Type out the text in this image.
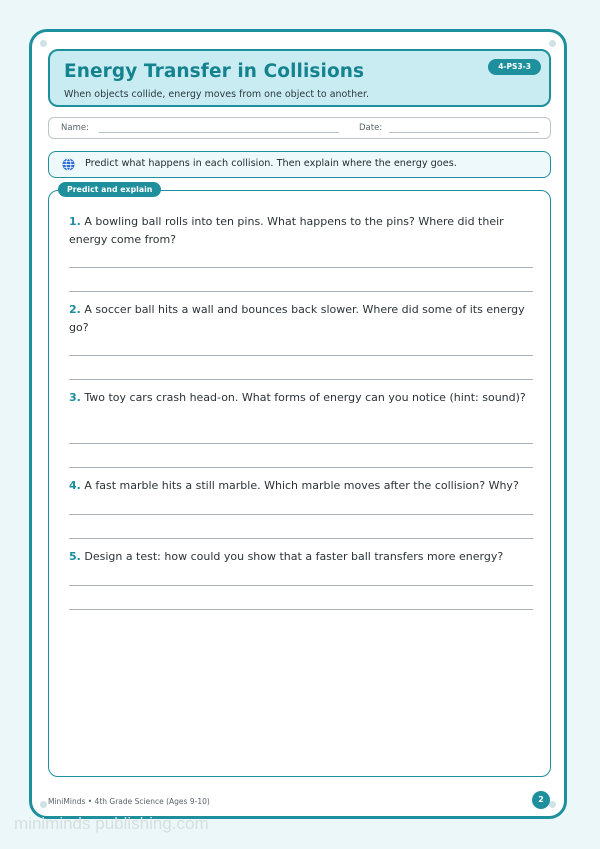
Energy Transfer in Collisions

When objects collide, energy moves from one object to another.

4-PS3-3
Name:	Date:

Predict what happens in each collision. Then explain where the energy goes.

Predict and explain

1. A bowling ball rolls into ten pins. What happens to the pins? Where did their energy come from?

2. A soccer ball hits a wall and bounces back slower. Where did some of its energy go?

3. Two toy cars crash head-on. What forms of energy can you notice (hint: sound)?

4. A fast marble hits a still marble. Which marble moves after the collision? Why?

5. Design a test: how could you show that a faster ball transfers more energy?

MiniMinds • 4th Grade Science (Ages 9-10)	2

miniminds publishing.com
